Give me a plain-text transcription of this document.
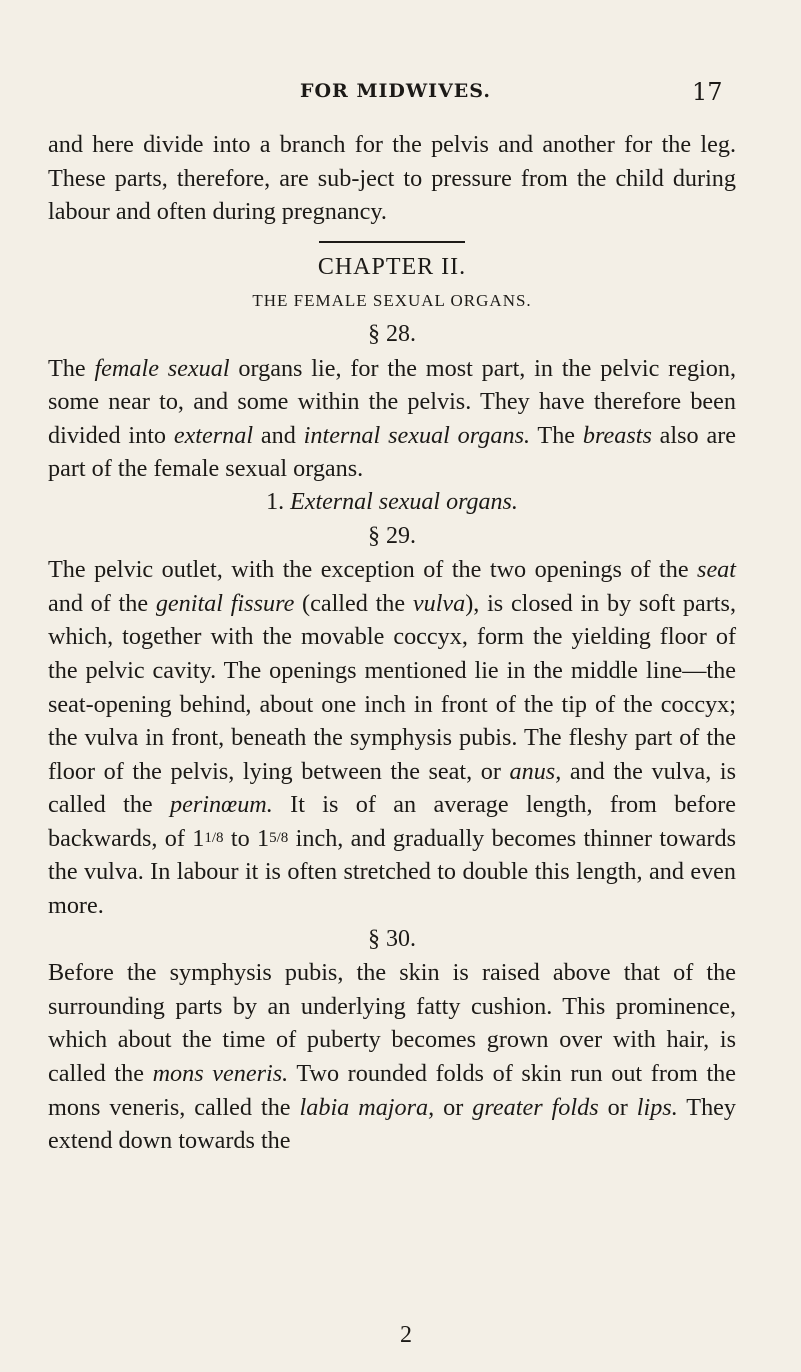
FOR MIDWIVES.	17

and here divide into a branch for the pelvis and another for the leg. These parts, therefore, are sub-ject to pressure from the child during labour and often during pregnancy.

CHAPTER II.

THE FEMALE SEXUAL ORGANS.

§ 28.

The female sexual organs lie, for the most part, in the pelvic region, some near to, and some within the pelvis. They have therefore been divided into external and internal sexual organs. The breasts also are part of the female sexual organs.

1. External sexual organs.

§ 29.

The pelvic outlet, with the exception of the two openings of the seat and of the genital fissure (called the vulva), is closed in by soft parts, which, together with the movable coccyx, form the yielding floor of the pelvic cavity. The openings mentioned lie in the middle line—the seat-opening behind, about one inch in front of the tip of the coccyx; the vulva in front, beneath the symphysis pubis. The fleshy part of the floor of the pelvis, lying between the seat, or anus, and the vulva, is called the perinœum. It is of an average length, from before backwards, of 11/8 to 15/8 inch, and gradually becomes thinner towards the vulva. In labour it is often stretched to double this length, and even more.

§ 30.

Before the symphysis pubis, the skin is raised above that of the surrounding parts by an underlying fatty cushion. This prominence, which about the time of puberty becomes grown over with hair, is called the mons veneris. Two rounded folds of skin run out from the mons veneris, called the labia majora, or greater folds or lips. They extend down towards the

2
